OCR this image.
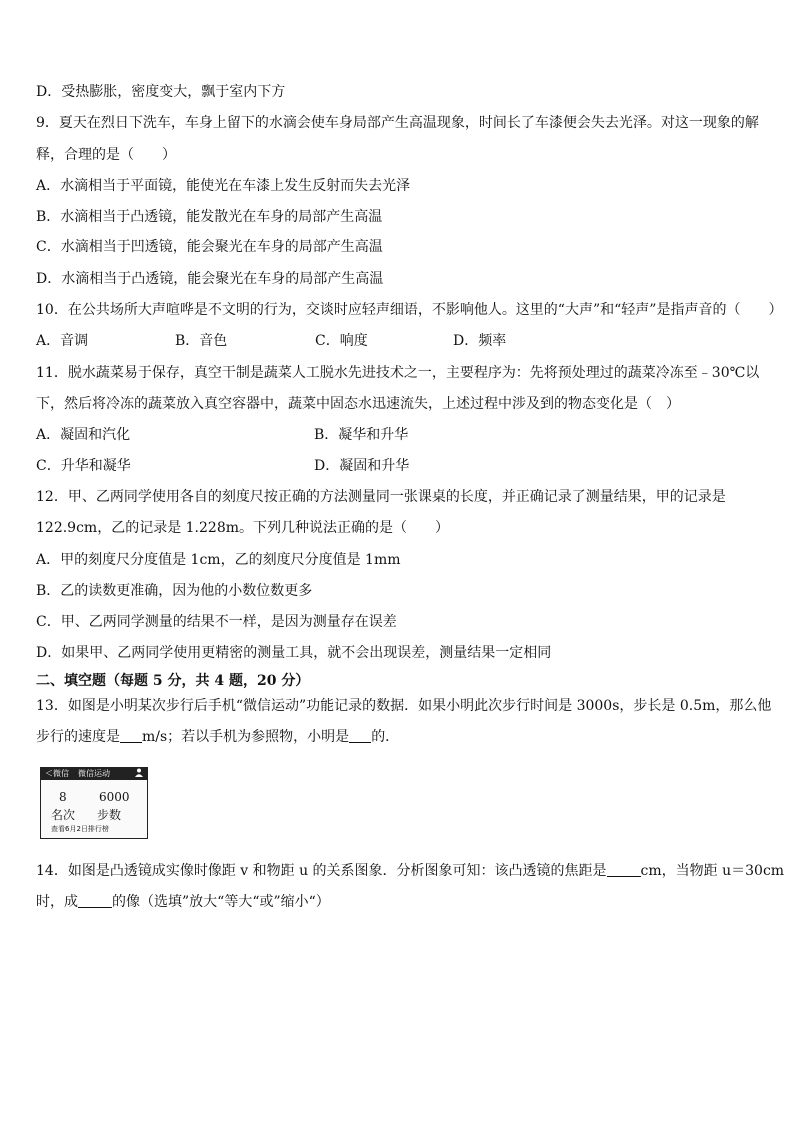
D．受热膨胀，密度变大，飘于室内下方
9．夏天在烈日下洗车，车身上留下的水滴会使车身局部产生高温现象，时间长了车漆便会失去光泽。对这一现象的解
释，合理的是（　　）
A．水滴相当于平面镜，能使光在车漆上发生反射而失去光泽
B．水滴相当于凸透镜，能发散光在车身的局部产生高温
C．水滴相当于凹透镜，能会聚光在车身的局部产生高温
D．水滴相当于凸透镜，能会聚光在车身的局部产生高温
10．在公共场所大声喧哗是不文明的行为，交谈时应轻声细语，不影响他人。这里的“大声”和“轻声”是指声音的（　　）
A．音调	B．音色	C．响度	D．频率
11．脱水蔬菜易于保存，真空干制是蔬菜人工脱水先进技术之一，主要程序为：先将预处理过的蔬菜冷冻至﹣30℃以
下，然后将冷冻的蔬菜放入真空容器中，蔬菜中固态水迅速流失，上述过程中涉及到的物态变化是（　）
A．凝固和汽化	B．凝华和升华
C．升华和凝华	D．凝固和升华
12．甲、乙两同学使用各自的刻度尺按正确的方法测量同一张课桌的长度，并正确记录了测量结果，甲的记录是
122.9cm，乙的记录是 1.228m。下列几种说法正确的是（　　）
A．甲的刻度尺分度值是 1cm，乙的刻度尺分度值是 1mm
B．乙的读数更准确，因为他的小数位数更多
C．甲、乙两同学测量的结果不一样，是因为测量存在误差
D．如果甲、乙两同学使用更精密的测量工具，就不会出现误差，测量结果一定相同
二、填空题（每题 5 分，共 4 题，20 分）
13．如图是小明某次步行后手机“微信运动”功能记录的数据．如果小明此次步行时间是 3000s，步长是 0.5m，那么他
步行的速度是 m/s；若以手机为参照物，小明是 的．
＜微信	微信运动
8	6000
名次 步数
查看6月2日排行榜
14．如图是凸透镜成实像时像距 v 和物距 u 的关系图象．分析图象可知：该凸透镜的焦距是 cm，当物距 u＝30cm
时，成 的像（选填”放大“等大“或”缩小“）
